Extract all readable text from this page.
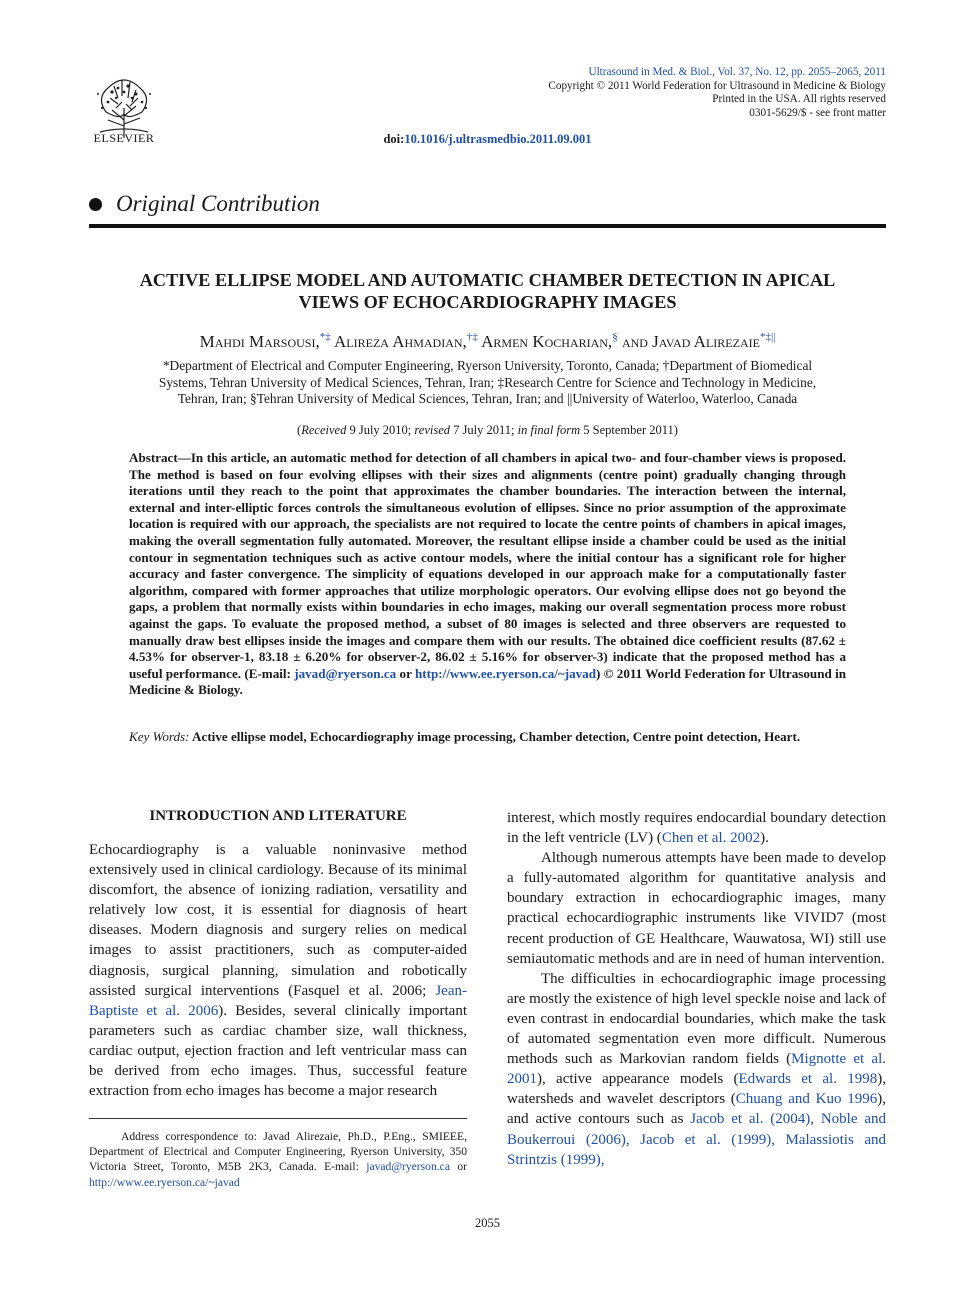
ELSEVIER
Ultrasound in Med. & Biol., Vol. 37, No. 12, pp. 2055–2065, 2011
Copyright © 2011 World Federation for Ultrasound in Medicine & Biology
Printed in the USA. All rights reserved
0301-5629/$ - see front matter
doi:10.1016/j.ultrasmedbio.2011.09.001
Original Contribution
ACTIVE ELLIPSE MODEL AND AUTOMATIC CHAMBER DETECTION IN APICAL
VIEWS OF ECHOCARDIOGRAPHY IMAGES
Mahdi Marsousi,*‡ Alireza Ahmadian,†‡ Armen Kocharian,§ and Javad Alirezaie*‡||
*Department of Electrical and Computer Engineering, Ryerson University, Toronto, Canada; †Department of Biomedical
Systems, Tehran University of Medical Sciences, Tehran, Iran; ‡Research Centre for Science and Technology in Medicine,
Tehran, Iran; §Tehran University of Medical Sciences, Tehran, Iran; and ||University of Waterloo, Waterloo, Canada
(Received 9 July 2010; revised 7 July 2011; in final form 5 September 2011)
Abstract—In this article, an automatic method for detection of all chambers in apical two- and four-chamber views is proposed. The method is based on four evolving ellipses with their sizes and alignments (centre point) gradually changing through iterations until they reach to the point that approximates the chamber boundaries. The interaction between the internal, external and inter-elliptic forces controls the simultaneous evolution of ellipses. Since no prior assumption of the approximate location is required with our approach, the specialists are not required to locate the centre points of chambers in apical images, making the overall segmentation fully automated. Moreover, the resultant ellipse inside a chamber could be used as the initial contour in segmentation techniques such as active contour models, where the initial contour has a significant role for higher accuracy and faster convergence. The simplicity of equations developed in our approach make for a computationally faster algorithm, compared with former approaches that utilize morphologic operators. Our evolving ellipse does not go beyond the gaps, a problem that normally exists within boundaries in echo images, making our overall segmentation process more robust against the gaps. To evaluate the proposed method, a subset of 80 images is selected and three observers are requested to manually draw best ellipses inside the images and compare them with our results. The obtained dice coefficient results (87.62 ± 4.53% for observer-1, 83.18 ± 6.20% for observer-2, 86.02 ± 5.16% for observer-3) indicate that the proposed method has a useful performance. (E-mail: javad@ryerson.ca or http://www.ee.ryerson.ca/~javad) © 2011 World Federation for Ultrasound in Medicine & Biology.
Key Words: Active ellipse model, Echocardiography image processing, Chamber detection, Centre point detection, Heart.
INTRODUCTION AND LITERATURE

Echocardiography is a valuable noninvasive method extensively used in clinical cardiology. Because of its minimal discomfort, the absence of ionizing radiation, versatility and relatively low cost, it is essential for diagnosis of heart diseases. Modern diagnosis and surgery relies on medical images to assist practitioners, such as computer-aided diagnosis, surgical planning, simulation and robotically assisted surgical interventions (Fasquel et al. 2006; Jean-Baptiste et al. 2006). Besides, several clinically important parameters such as cardiac chamber size, wall thickness, cardiac output, ejection fraction and left ventricular mass can be derived from echo images. Thus, successful feature extraction from echo images has become a major research

interest, which mostly requires endocardial boundary detection in the left ventricle (LV) (Chen et al. 2002).

Although numerous attempts have been made to develop a fully-automated algorithm for quantitative analysis and boundary extraction in echocardiographic images, many practical echocardiographic instruments like VIVID7 (most recent production of GE Healthcare, Wauwatosa, WI) still use semiautomatic methods and are in need of human intervention.

The difficulties in echocardiographic image processing are mostly the existence of high level speckle noise and lack of even contrast in endocardial boundaries, which make the task of automated segmentation even more difficult. Numerous methods such as Markovian random fields (Mignotte et al. 2001), active appearance models (Edwards et al. 1998), watersheds and wavelet descriptors (Chuang and Kuo 1996), and active contours such as Jacob et al. (2004), Noble and Boukerroui (2006), Jacob et al. (1999), Malassiotis and Strintzis (1999),

Address correspondence to: Javad Alirezaie, Ph.D., P.Eng., SMIEEE, Department of Electrical and Computer Engineering, Ryerson University, 350 Victoria Street, Toronto, M5B 2K3, Canada. E-mail: javad@ryerson.ca or http://www.ee.ryerson.ca/~javad
2055
